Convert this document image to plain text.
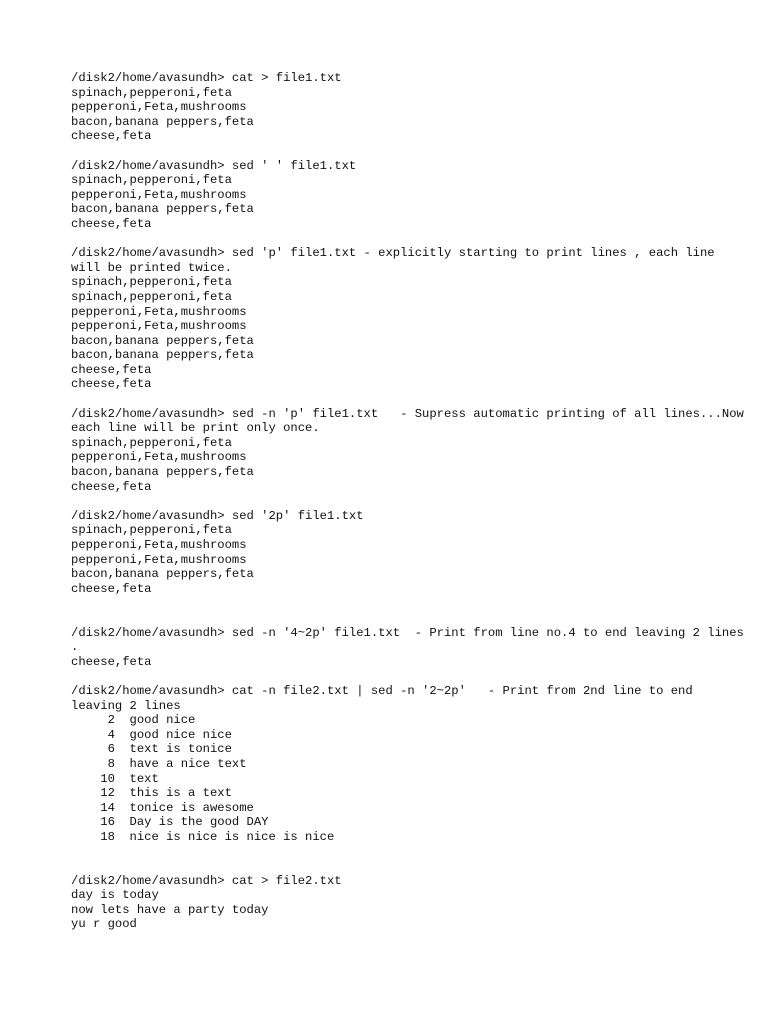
/disk2/home/avasundh> cat > file1.txt
spinach,pepperoni,feta
pepperoni,Feta,mushrooms
bacon,banana peppers,feta
cheese,feta
/disk2/home/avasundh> sed ' ' file1.txt
spinach,pepperoni,feta
pepperoni,Feta,mushrooms
bacon,banana peppers,feta
cheese,feta
/disk2/home/avasundh> sed 'p' file1.txt - explicitly starting to print lines , each line will be printed twice.
spinach,pepperoni,feta
spinach,pepperoni,feta
pepperoni,Feta,mushrooms
pepperoni,Feta,mushrooms
bacon,banana peppers,feta
bacon,banana peppers,feta
cheese,feta
cheese,feta
/disk2/home/avasundh> sed -n 'p' file1.txt   - Supress automatic printing of all lines...Now each line will be print only once.
spinach,pepperoni,feta
pepperoni,Feta,mushrooms
bacon,banana peppers,feta
cheese,feta
/disk2/home/avasundh> sed '2p' file1.txt
spinach,pepperoni,feta
pepperoni,Feta,mushrooms
pepperoni,Feta,mushrooms
bacon,banana peppers,feta
cheese,feta
/disk2/home/avasundh> sed -n '4~2p' file1.txt  - Print from line no.4 to end leaving 2 lines .
cheese,feta
/disk2/home/avasundh> cat -n file2.txt | sed -n '2~2p'   - Print from 2nd line to end leaving 2 lines
2  good nice
4  good nice nice
6  text is tonice
8  have a nice text
10  text
12  this is a text
14  tonice is awesome
16  Day is the good DAY
18  nice is nice is nice is nice
/disk2/home/avasundh> cat > file2.txt
day is today
now lets have a party today
yu r good
